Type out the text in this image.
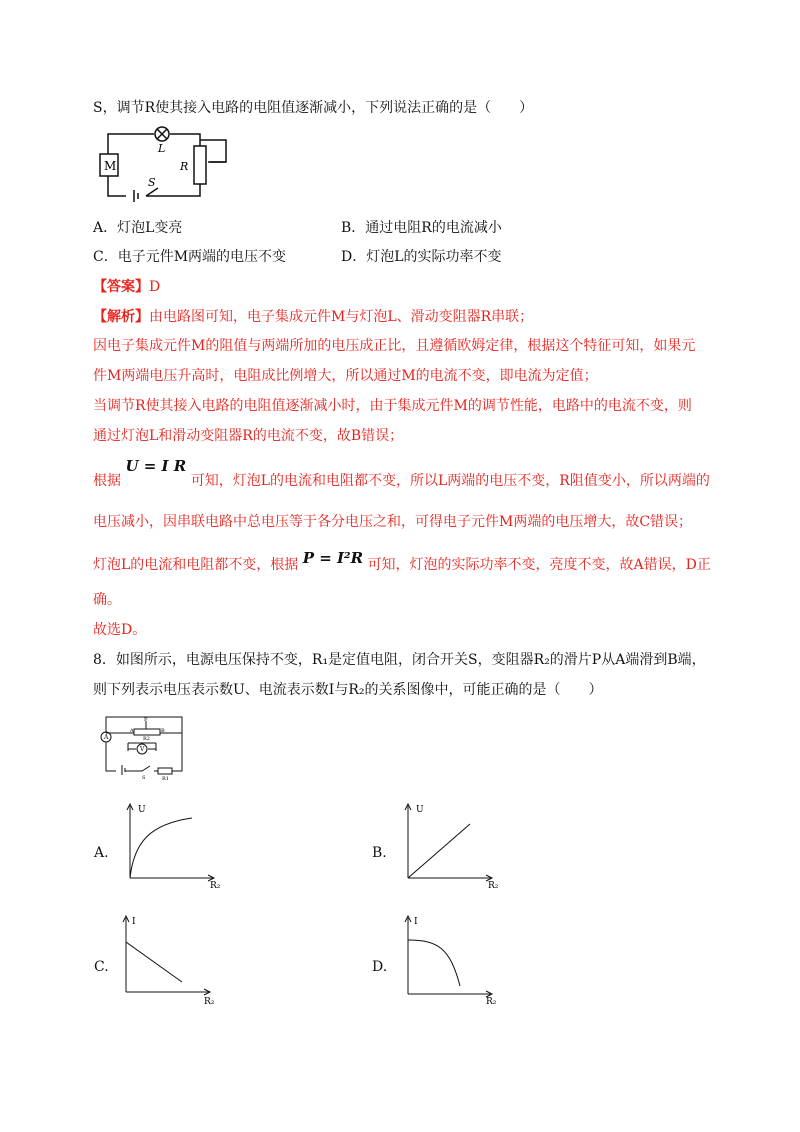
S，调节R使其接入电路的电阻值逐渐减小，下列说法正确的是（　　）
M
L
R
S
A．灯泡L变亮	B．通过电阻R的电流减小
C．电子元件M两端的电压不变	D．灯泡L的实际功率不变
【答案】D
【解析】由电路图可知，电子集成元件M与灯泡L、滑动变阻器R串联；
因电子集成元件M的阻值与两端所加的电压成正比，且遵循欧姆定律，根据这个特征可知，如果元
件M两端电压升高时，电阻成比例增大，所以通过M的电流不变，即电流为定值；
当调节R使其接入电路的电阻值逐渐减小时，由于集成元件M的调节性能，电路中的电流不变，则
通过灯泡L和滑动变阻器R的电流不变，故B错误；
根据 U = I R 可知，灯泡L的电流和电阻都不变，所以L两端的电压不变，R阻值变小，所以两端的
电压减小，因串联电路中总电压等于各分电压之和，可得电子元件M两端的电压增大，故C错误；
灯泡L的电流和电阻都不变，根据 P = I²R 可知，灯泡的实际功率不变，亮度不变，故A错误，D正
确。
故选D。
8．如图所示，电源电压保持不变，R₁是定值电阻，闭合开关S，变阻器R₂的滑片P从A端滑到B端，
则下列表示电压表示数U、电流表示数I与R₂的关系图像中，可能正确的是（　　）
P
A	B
R2
A
V
S	R1
A.
U
R₂
B.
U
R₂
C.
I
R₂
D.
I
R₂
